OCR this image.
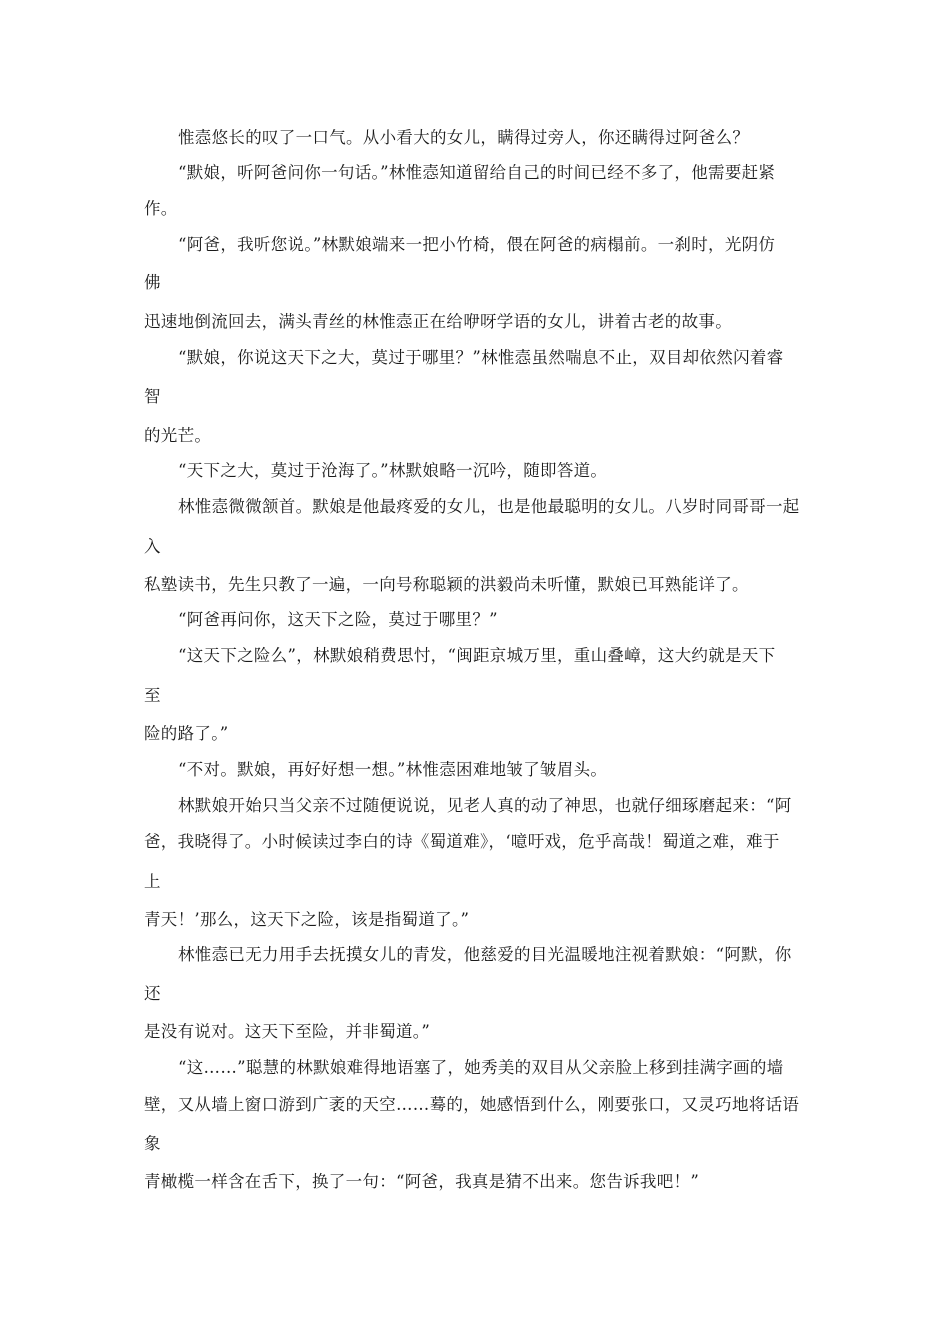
惟悫悠长的叹了一口气。从小看大的女儿，瞒得过旁人，你还瞒得过阿爸么？
“默娘，听阿爸问你一句话。”林惟悫知道留给自己的时间已经不多了，他需要赶紧
作。
“阿爸，我听您说。”林默娘端来一把小竹椅，偎在阿爸的病榻前。一刹时，光阴仿
佛
迅速地倒流回去，满头青丝的林惟悫正在给咿呀学语的女儿，讲着古老的故事。
“默娘，你说这天下之大，莫过于哪里？”林惟悫虽然喘息不止，双目却依然闪着睿
智
的光芒。
“天下之大，莫过于沧海了。”林默娘略一沉吟，随即答道。
林惟悫微微颔首。默娘是他最疼爱的女儿，也是他最聪明的女儿。八岁时同哥哥一起
入
私塾读书，先生只教了一遍，一向号称聪颖的洪毅尚未听懂，默娘已耳熟能详了。
“阿爸再问你，这天下之险，莫过于哪里？”
“这天下之险么”，林默娘稍费思忖，“闽距京城万里，重山叠嶂，这大约就是天下
至
险的路了。”
“不对。默娘，再好好想一想。”林惟悫困难地皱了皱眉头。
林默娘开始只当父亲不过随便说说，见老人真的动了神思，也就仔细琢磨起来：“阿
爸，我晓得了。小时候读过李白的诗《蜀道难》，‘噫吁戏，危乎高哉！蜀道之难，难于
上
青天！’那么，这天下之险，该是指蜀道了。”
林惟悫已无力用手去抚摸女儿的青发，他慈爱的目光温暖地注视着默娘：“阿默，你
还
是没有说对。这天下至险，并非蜀道。”
“这……”聪慧的林默娘难得地语塞了，她秀美的双目从父亲脸上移到挂满字画的墙
壁，又从墙上窗口游到广袤的天空……蓦的，她感悟到什么，刚要张口，又灵巧地将话语
象
青橄榄一样含在舌下，换了一句：“阿爸，我真是猜不出来。您告诉我吧！”
